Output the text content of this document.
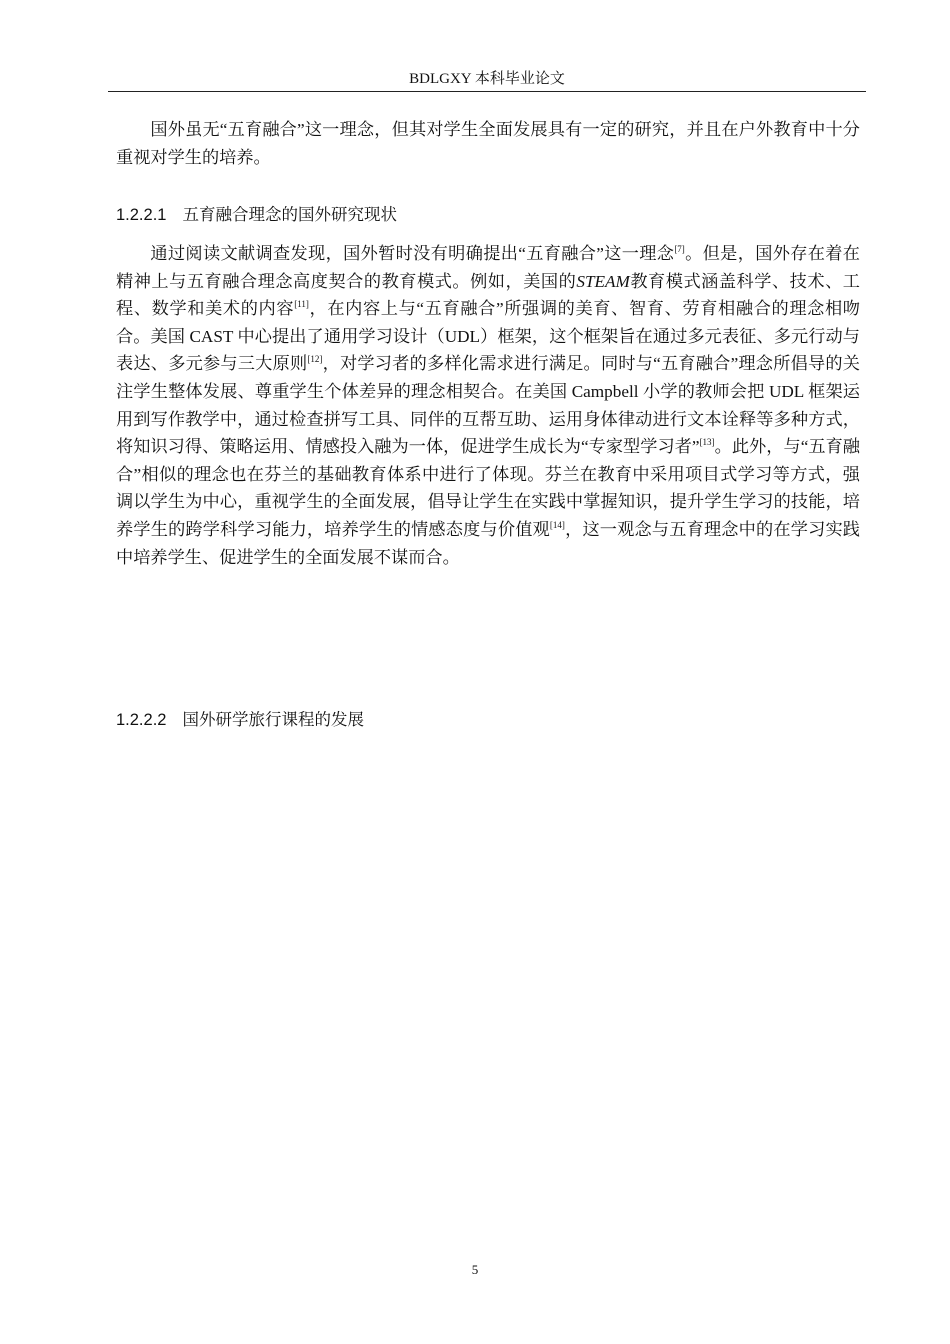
BDLGXY 本科毕业论文

国外虽无“五育融合”这一理念，但其对学生全面发展具有一定的研究，并且在户外教育中十分重视对学生的培养。

1.2.2.1 五育融合理念的国外研究现状

通过阅读文献调查发现，国外暂时没有明确提出“五育融合”这一理念[7]。但是，国外存在着在精神上与五育融合理念高度契合的教育模式。例如，美国的STEAM教育模式涵盖科学、技术、工程、数学和美术的内容[11]，在内容上与“五育融合”所强调的美育、智育、劳育相融合的理念相吻合。美国 CAST 中心提出了通用学习设计（UDL）框架，这个框架旨在通过多元表征、多元行动与表达、多元参与三大原则[12]，对学习者的多样化需求进行满足。同时与“五育融合”理念所倡导的关注学生整体发展、尊重学生个体差异的理念相契合。在美国 Campbell 小学的教师会把 UDL 框架运用到写作教学中，通过检查拼写工具、同伴的互帮互助、运用身体律动进行文本诠释等多种方式，将知识习得、策略运用、情感投入融为一体，促进学生成长为“专家型学习者”[13]。此外，与“五育融合”相似的理念也在芬兰的基础教育体系中进行了体现。芬兰在教育中采用项目式学习等方式，强调以学生为中心，重视学生的全面发展，倡导让学生在实践中掌握知识，提升学生学习的技能，培养学生的跨学科学习能力，培养学生的情感态度与价值观[14]，这一观念与五育理念中的在学习实践中培养学生、促进学生的全面发展不谋而合。

1.2.2.2 国外研学旅行课程的发展
5
